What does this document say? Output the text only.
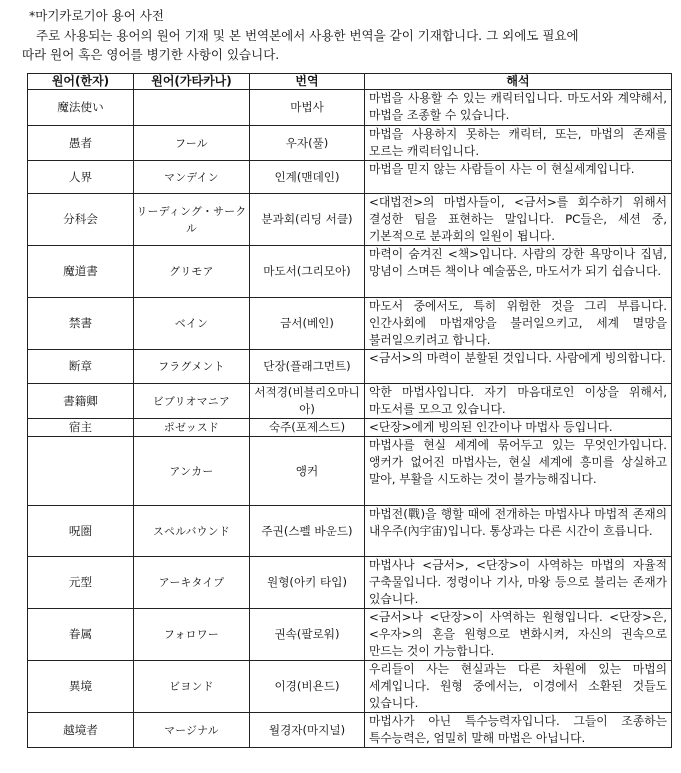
*마기카로기아 용어 사전
주로 사용되는 용어의 원어 기재 및 본 번역본에서 사용한 번역을 같이 기재합니다. 그 외에도 필요에
따라 원어 혹은 영어를 병기한 사항이 있습니다.
원어(한자)	원어(가타카나)	번역	해석
魔法使い		마법사	마법을 사용할 수 있는 캐릭터입니다. 마도서와 계약해서, 마법을 조종할 수 있습니다.
愚者	フール	우자(풀)	마법을 사용하지 못하는 캐릭터, 또는, 마법의 존재를 모르는 캐릭터입니다.
人界	マンデイン	인계(맨데인)	마법을 믿지 않는 사람들이 사는 이 현실세계입니다.
分科会	リーディング・サークル	분과회(리딩 서클)	<대법전>의 마법사들이, <금서>를 회수하기 위해서 결성한 팀을 표현하는 말입니다. PC들은, 세션 중, 기본적으로 분과회의 일원이 됩니다.
魔道書	グリモア	마도서(그리모아)	마력이 숨겨진 <책>입니다. 사람의 강한 욕망이나 집념, 망념이 스며든 책이나 예술품은, 마도서가 되기 쉽습니다.
禁書	ベイン	금서(베인)	마도서 중에서도, 특히 위험한 것을 그리 부릅니다. 인간사회에 마법재앙을 불러일으키고, 세계 멸망을 불러일으키려고 합니다.
断章	フラグメント	단장(플래그먼트)	<금서>의 마력이 분할된 것입니다. 사람에게 빙의합니다.
書籍卿	ビブリオマニア	서적경(비블리오마니아)	악한 마법사입니다. 자기 마음대로인 이상을 위해서, 마도서를 모으고 있습니다.
宿主	ポゼッスド	숙주(포제스드)	<단장>에게 빙의된 인간이나 마법사 등입니다.
	アンカー	앵커	마법사를 현실 세계에 묶어두고 있는 무엇인가입니다. 앵커가 없어진 마법사는, 현실 세계에 흥미를 상실하고 말아, 부활을 시도하는 것이 불가능해집니다.
呪圏	スペルバウンド	주권(스펠 바운드)	마법전(戰)을 행할 때에 전개하는 마법사나 마법적 존재의 내우주(內宇宙)입니다. 통상과는 다른 시간이 흐릅니다.
元型	アーキタイプ	원형(아키 타입)	마법사나 <금서>, <단장>이 사역하는 마법의 자율적 구축물입니다. 정령이나 기사, 마왕 등으로 불리는 존재가 있습니다.
眷属	フォロワー	권속(팔로워)	<금서>나 <단장>이 사역하는 원형입니다. <단장>은, <우자>의 혼을 원형으로 변화시켜, 자신의 권속으로 만드는 것이 가능합니다.
異境	ビヨンド	이경(비욘드)	우리들이 사는 현실과는 다른 차원에 있는 마법의 세계입니다. 원형 중에서는, 이경에서 소환된 것들도 있습니다.
越境者	マージナル	월경자(마지널)	마법사가 아닌 특수능력자입니다. 그들이 조종하는 특수능력은, 엄밀히 말해 마법은 아닙니다.
